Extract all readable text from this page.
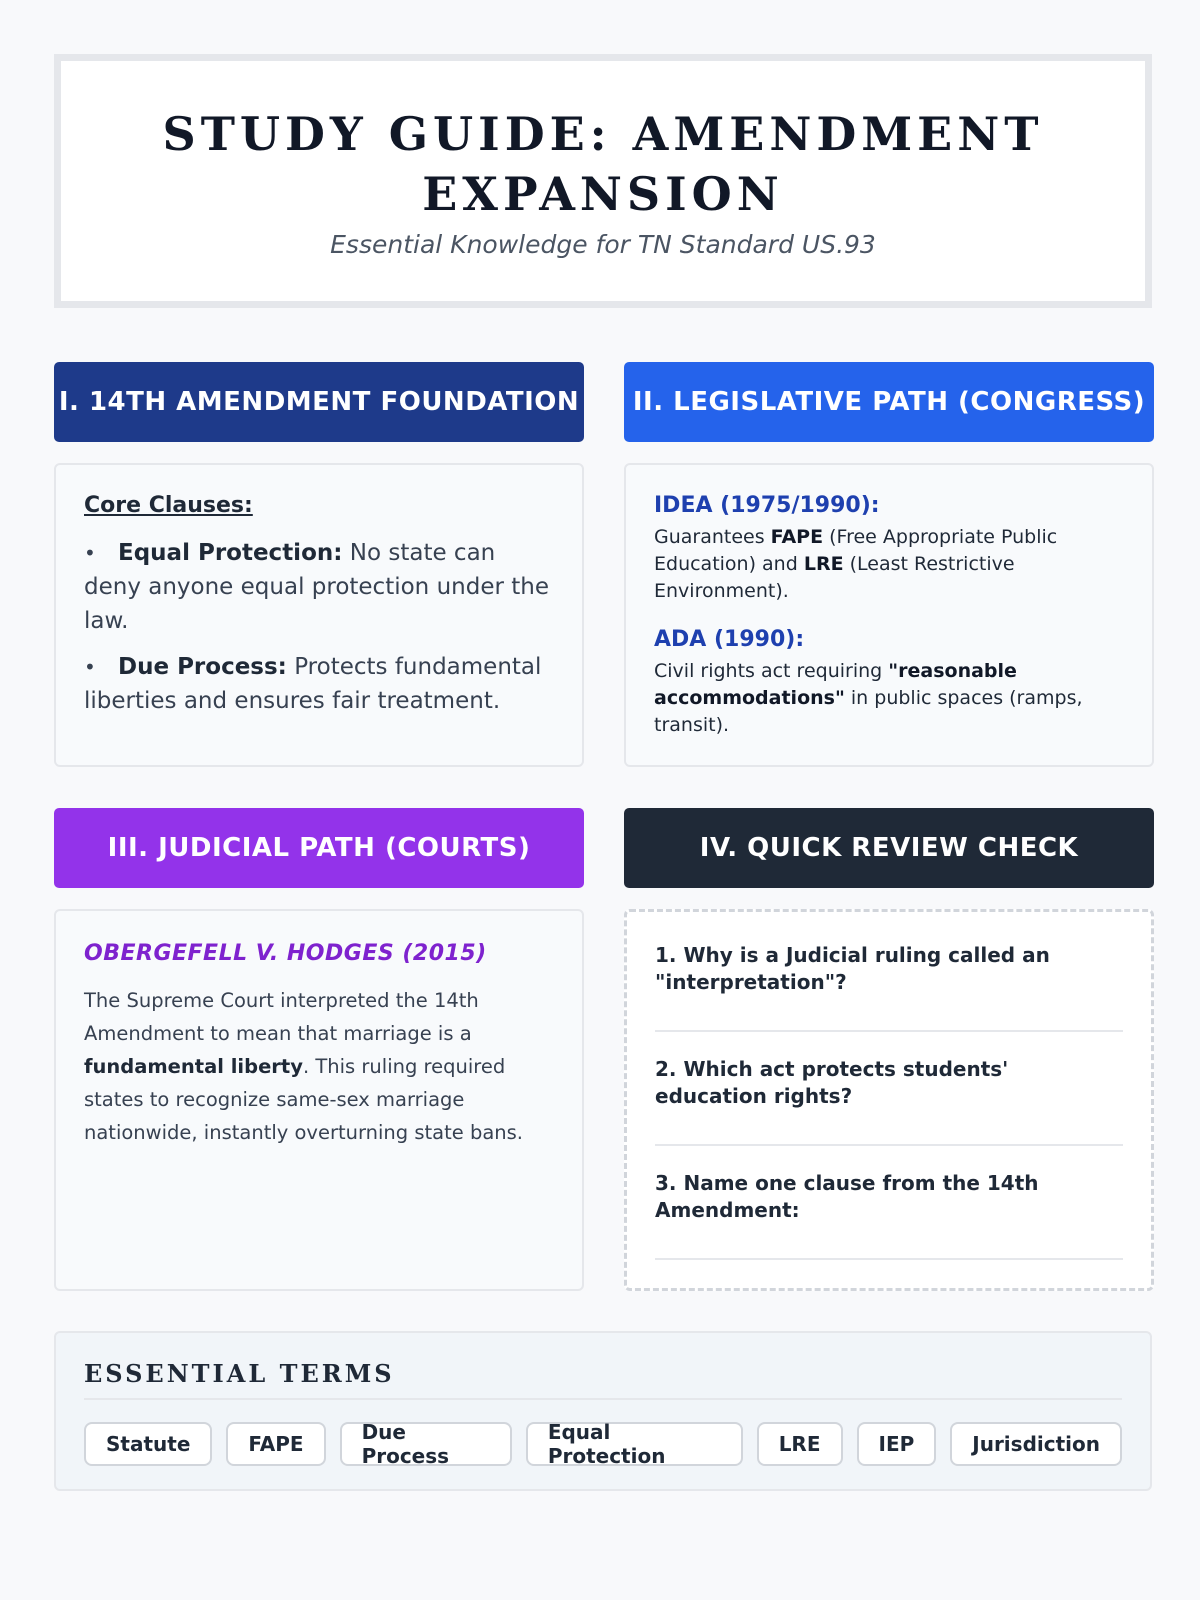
STUDY GUIDE: AMENDMENT EXPANSION
Essential Knowledge for TN Standard US.93
I. 14TH AMENDMENT FOUNDATION
Core Clauses:
• Equal Protection: No state can deny anyone equal protection under the law.
• Due Process: Protects fundamental liberties and ensures fair treatment.
II. LEGISLATIVE PATH (CONGRESS)
IDEA (1975/1990):
Guarantees FAPE (Free Appropriate Public Education) and LRE (Least Restrictive Environment).
ADA (1990):
Civil rights act requiring "reasonable accommodations" in public spaces (ramps, transit).
III. JUDICIAL PATH (COURTS)
OBERGEFELL V. HODGES (2015)
The Supreme Court interpreted the 14th Amendment to mean that marriage is a fundamental liberty. This ruling required states to recognize same-sex marriage nationwide, instantly overturning state bans.
IV. QUICK REVIEW CHECK
1. Why is a Judicial ruling called an "interpretation"?
2. Which act protects students' education rights?
3. Name one clause from the 14th Amendment:
ESSENTIAL TERMS
Statute	FAPE	Due Process
Equal Protection	LRE	IEP	Jurisdiction
